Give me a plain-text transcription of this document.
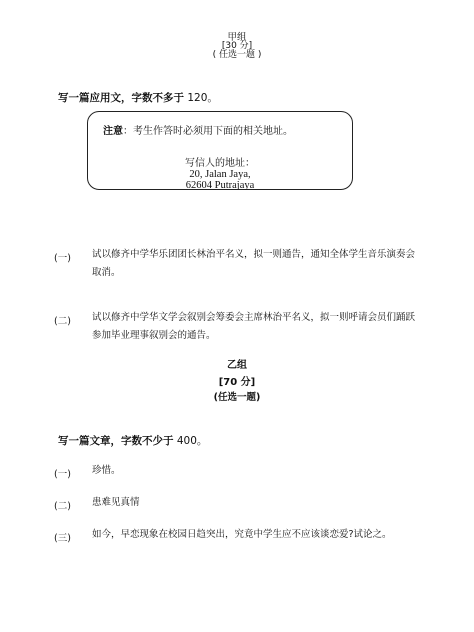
甲组
[30 分]
( 任选一题 )
写一篇应用文，字数不多于 120。
注意：考生作答时必须用下面的相关地址。
写信人的地址：
20, Jalan Jaya,
62604 Putrajaya
(一) 试以修齐中学华乐团团长林治平名义，拟一则通告，通知全体学生音乐演奏会取消。
(二) 试以修齐中学华文学会叙别会筹委会主席林治平名义，拟一则呼请会员们踊跃参加毕业理事叙别会的通告。
乙组
[70 分]
(任选一题)
写一篇文章，字数不少于 400。
(一) 珍惜。
(二) 患难见真情
(三) 如今，早恋现象在校园日趋突出，究竟中学生应不应该谈恋爱?试论之。
